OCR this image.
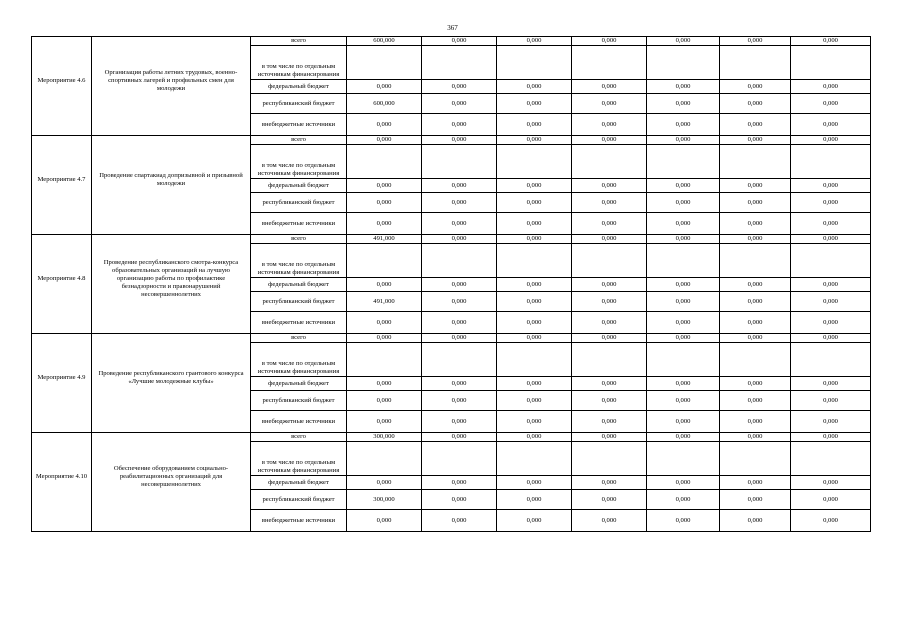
367
Мероприятие 4.6	Организация работы летних трудовых, военно-спортивных лагерей и профильных смен для молодежи	всего	600,000	0,000	0,000	0,000	0,000	0,000	0,000
		в том числе по отдельным источникам финансирования							
		федеральный бюджет	0,000	0,000	0,000	0,000	0,000	0,000	0,000
		республиканский бюджет	600,000	0,000	0,000	0,000	0,000	0,000	0,000
		внебюджетные источники	0,000	0,000	0,000	0,000	0,000	0,000	0,000
Мероприятие 4.7	Проведение спартакиад допризывной и призывной молодежи	всего	0,000	0,000	0,000	0,000	0,000	0,000	0,000
		в том числе по отдельным источникам финансирования							
		федеральный бюджет	0,000	0,000	0,000	0,000	0,000	0,000	0,000
		республиканский бюджет	0,000	0,000	0,000	0,000	0,000	0,000	0,000
		внебюджетные источники	0,000	0,000	0,000	0,000	0,000	0,000	0,000
Мероприятие 4.8	Проведение республиканского смотра-конкурса образовательных организаций на лучшую организацию работы по профилактике безнадзорности и правонарушений несовершеннолетних	всего	491,000	0,000	0,000	0,000	0,000	0,000	0,000
		в том числе по отдельным источникам финансирования							
		федеральный бюджет	0,000	0,000	0,000	0,000	0,000	0,000	0,000
		республиканский бюджет	491,000	0,000	0,000	0,000	0,000	0,000	0,000
		внебюджетные источники	0,000	0,000	0,000	0,000	0,000	0,000	0,000
Мероприятие 4.9	Проведение республиканского грантового конкурса «Лучшие молодежные клубы»	всего	0,000	0,000	0,000	0,000	0,000	0,000	0,000
		в том числе по отдельным источникам финансирования							
		федеральный бюджет	0,000	0,000	0,000	0,000	0,000	0,000	0,000
		республиканский бюджет	0,000	0,000	0,000	0,000	0,000	0,000	0,000
		внебюджетные источники	0,000	0,000	0,000	0,000	0,000	0,000	0,000
Мероприятие 4.10	Обеспечение оборудованием социально-реабилитационных организаций для несовершеннолетних	всего	300,000	0,000	0,000	0,000	0,000	0,000	0,000
		в том числе по отдельным источникам финансирования							
		федеральный бюджет	0,000	0,000	0,000	0,000	0,000	0,000	0,000
		республиканский бюджет	300,000	0,000	0,000	0,000	0,000	0,000	0,000
		внебюджетные источники	0,000	0,000	0,000	0,000	0,000	0,000	0,000
